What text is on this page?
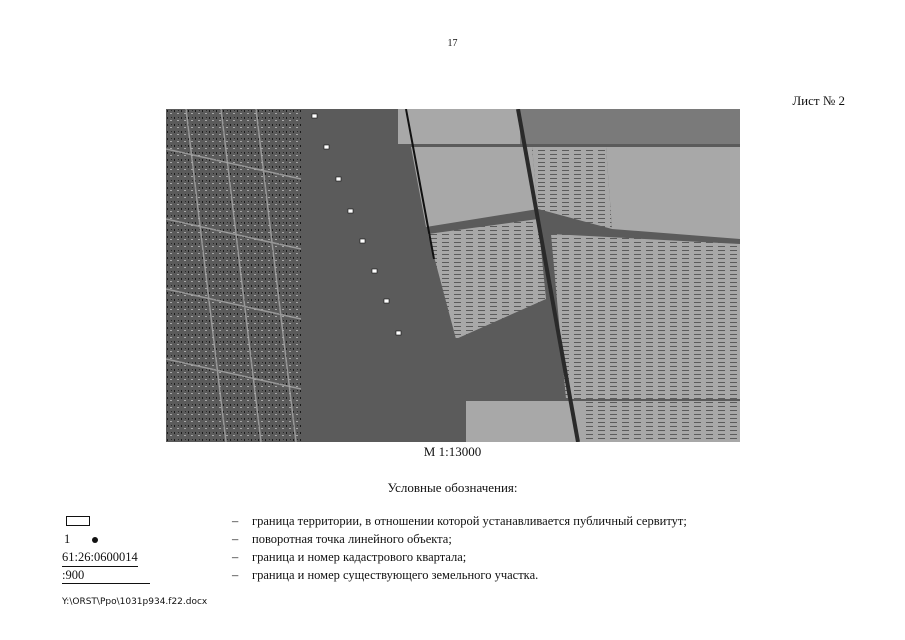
17
Лист № 2
М 1:13000
Условные обозначения:
– граница территории, в отношении которой устанавливается публичный сервитут;
1	– поворотная точка линейного объекта;
61:26:0600014	– граница и номер кадастрового квартала;
:900	– граница и номер существующего земельного участка.
Y:\ORST\Ppo\1031p934.f22.docx
